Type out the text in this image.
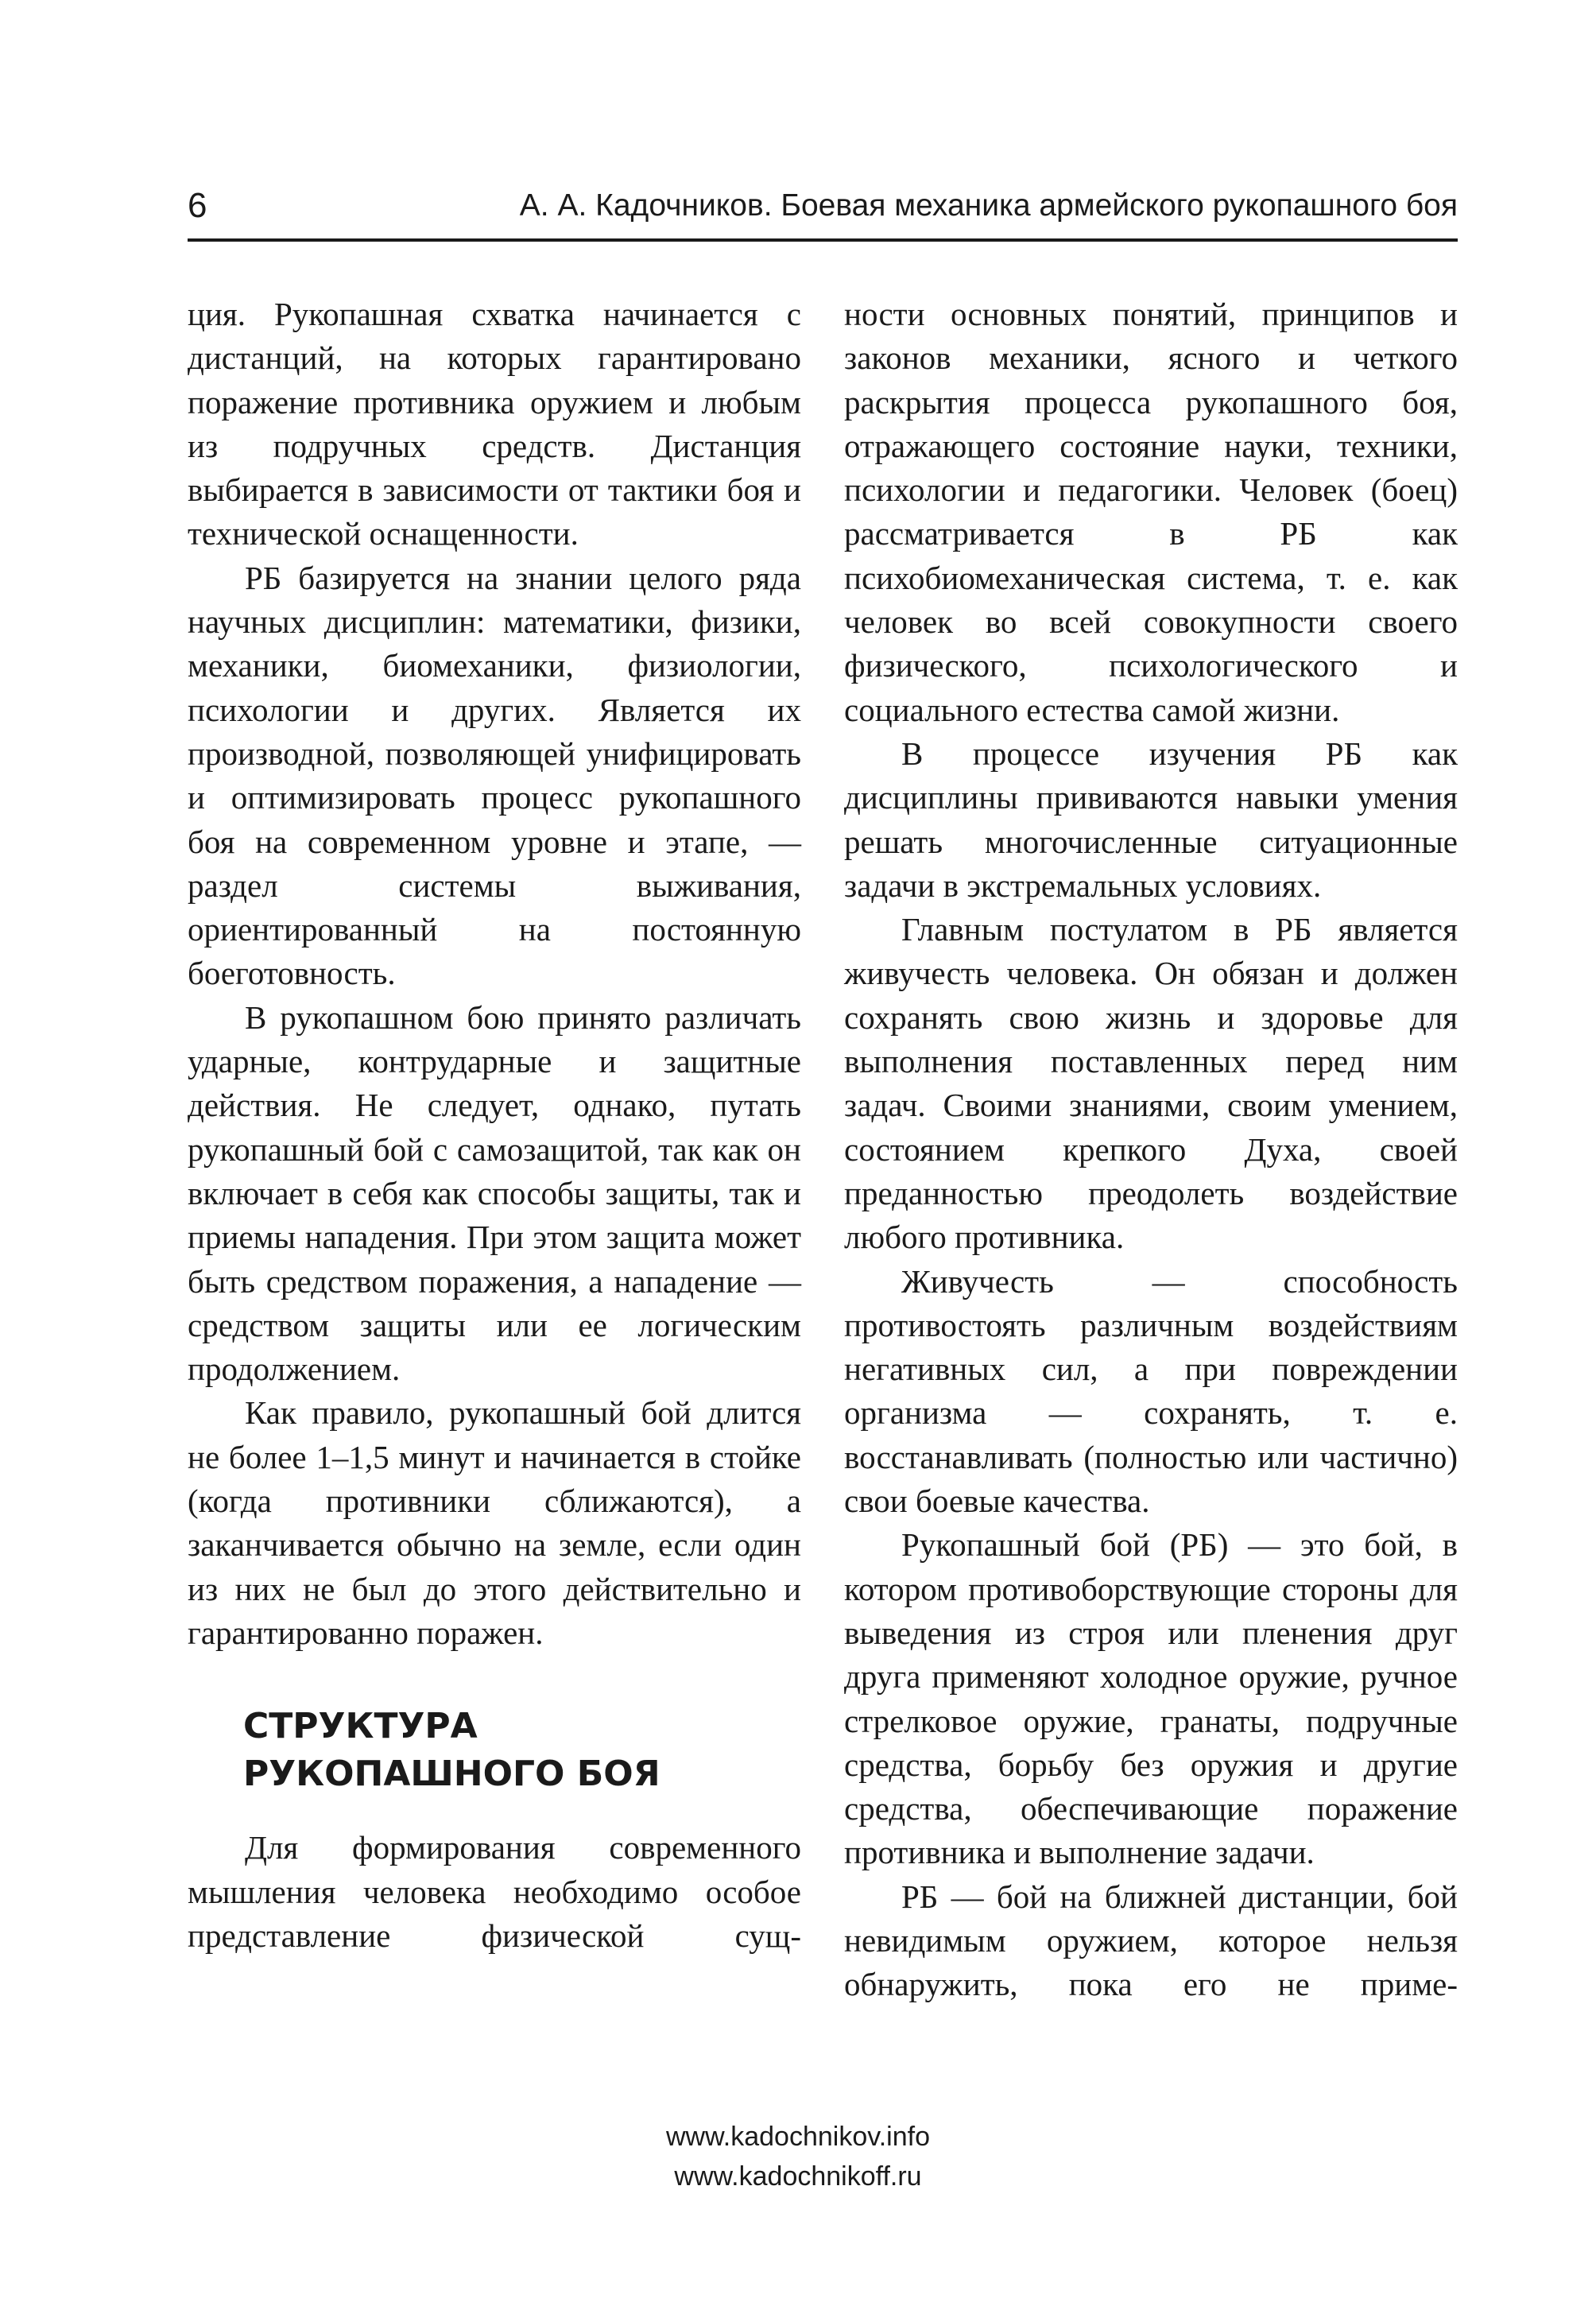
6	А. А. Кадочников. Боевая механика армейского рукопашного боя

ция. Рукопашная схватка начинается с дистанций, на которых гарантировано поражение противника оружием и любым из подручных средств. Дистанция выбирается в зависимости от тактики боя и технической оснащенности.

РБ базируется на знании целого ряда научных дисциплин: математики, физики, механики, биомеханики, физиологии, психологии и других. Является их производной, позволяющей унифицировать и оптимизировать процесс рукопашного боя на современном уровне и этапе, — раздел системы выживания, ориентированный на постоянную боеготовность.

В рукопашном бою принято различать ударные, контрударные и защитные действия. Не следует, однако, путать рукопашный бой с самозащитой, так как он включает в себя как способы защиты, так и приемы нападения. При этом защита может быть средством поражения, а нападение — средством защиты или ее логическим продолжением.

Как правило, рукопашный бой длится не более 1–1,5 минут и начинается в стойке (когда противники сближаются), а заканчивается обычно на земле, если один из них не был до этого действительно и гарантированно поражен.

СТРУКТУРА
РУКОПАШНОГО БОЯ

Для формирования современного мышления человека необходимо особое представление физической сущ-

ности основных понятий, принципов и законов механики, ясного и четкого раскрытия процесса рукопашного боя, отражающего состояние науки, техники, психологии и педагогики. Человек (боец) рассматривается в РБ как психобиомеханическая система, т. е. как человек во всей совокупности своего физического, психологического и социального естества самой жизни.

В процессе изучения РБ как дисциплины прививаются навыки умения решать многочисленные ситуационные задачи в экстремальных условиях.

Главным постулатом в РБ является живучесть человека. Он обязан и должен сохранять свою жизнь и здоровье для выполнения поставленных перед ним задач. Своими знаниями, своим умением, состоянием крепкого Духа, своей преданностью преодолеть воздействие любого противника.

Живучесть — способность противостоять различным воздействиям негативных сил, а при повреждении организма — сохранять, т. е. восстанавливать (полностью или частично) свои боевые качества.

Рукопашный бой (РБ) — это бой, в котором противоборствующие стороны для выведения из строя или пленения друг друга применяют холодное оружие, ручное стрелковое оружие, гранаты, подручные средства, борьбу без оружия и другие средства, обеспечивающие поражение противника и выполнение задачи.

РБ — бой на ближней дистанции, бой невидимым оружием, которое нельзя обнаружить, пока его не приме-

www.kadochnikov.info
www.kadochnikoff.ru
